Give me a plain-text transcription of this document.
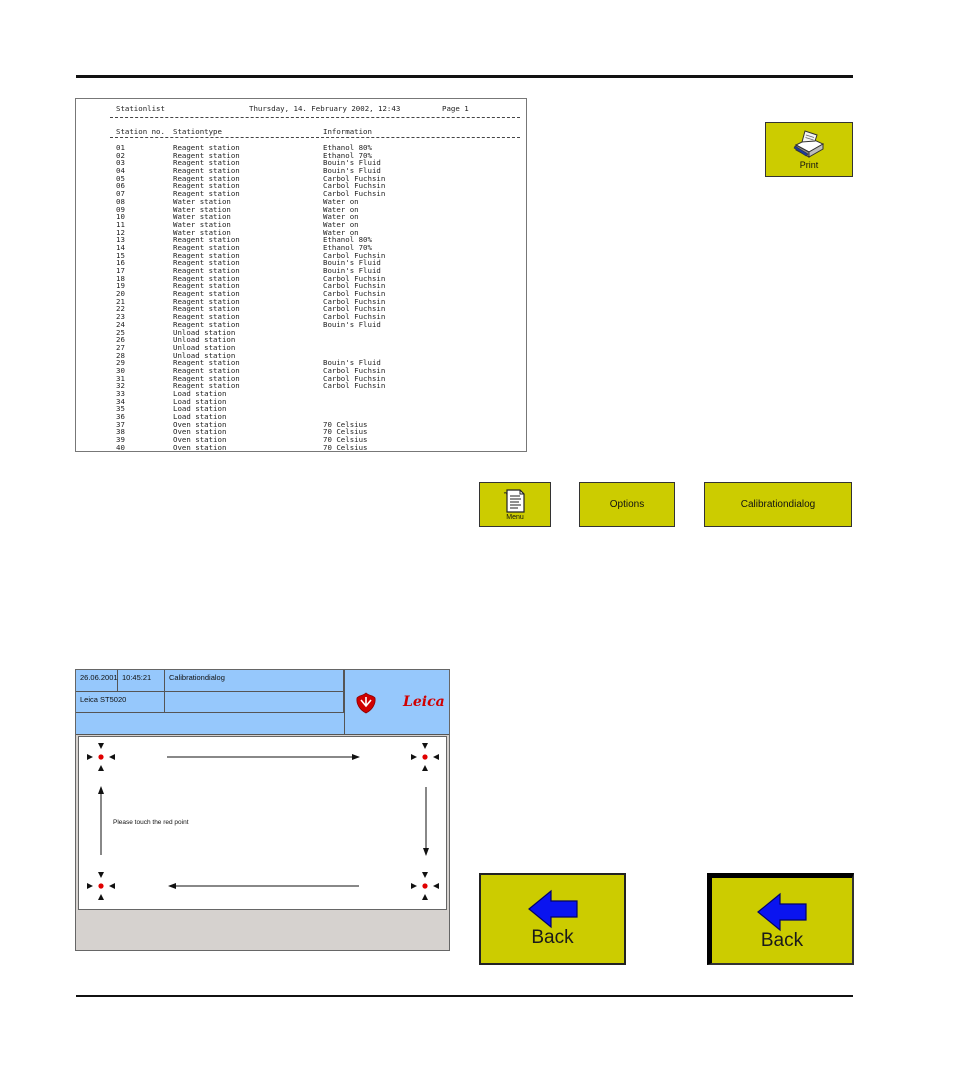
Stationlist	Thursday, 14. February 2002, 12:43	Page 1
Station no. Stationtype	Information
01	Reagent station	Ethanol 80%
02	Reagent station	Ethanol 70%
03	Reagent station	Bouin's Fluid
04	Reagent station	Bouin's Fluid
05	Reagent station	Carbol Fuchsin
06	Reagent station	Carbol Fuchsin
07	Reagent station	Carbol Fuchsin
08	Water station	Water on
09	Water station	Water on
10	Water station	Water on
11	Water station	Water on
12	Water station	Water on
13	Reagent station	Ethanol 80%
14	Reagent station	Ethanol 70%
15	Reagent station	Carbol Fuchsin
16	Reagent station	Bouin's Fluid
17	Reagent station	Bouin's Fluid
18	Reagent station	Carbol Fuchsin
19	Reagent station	Carbol Fuchsin
20	Reagent station	Carbol Fuchsin
21	Reagent station	Carbol Fuchsin
22	Reagent station	Carbol Fuchsin
23	Reagent station	Carbol Fuchsin
24	Reagent station	Bouin's Fluid
25	Unload station
26	Unload station
27	Unload station
28	Unload station
29	Reagent station	Bouin's Fluid
30	Reagent station	Carbol Fuchsin
31	Reagent station	Carbol Fuchsin
32	Reagent station	Carbol Fuchsin
33	Load station
34	Load station
35	Load station
36	Load station
37	Oven station	70 Celsius
38	Oven station	70 Celsius
39	Oven station	70 Celsius
40	Oven station	70 Celsius
Print
Menu
Options	Calibrationdialog
26.06.2001 10:45:21	Calibrationdialog
Leica ST5020	Leica
Please touch the red point
Back	Back
